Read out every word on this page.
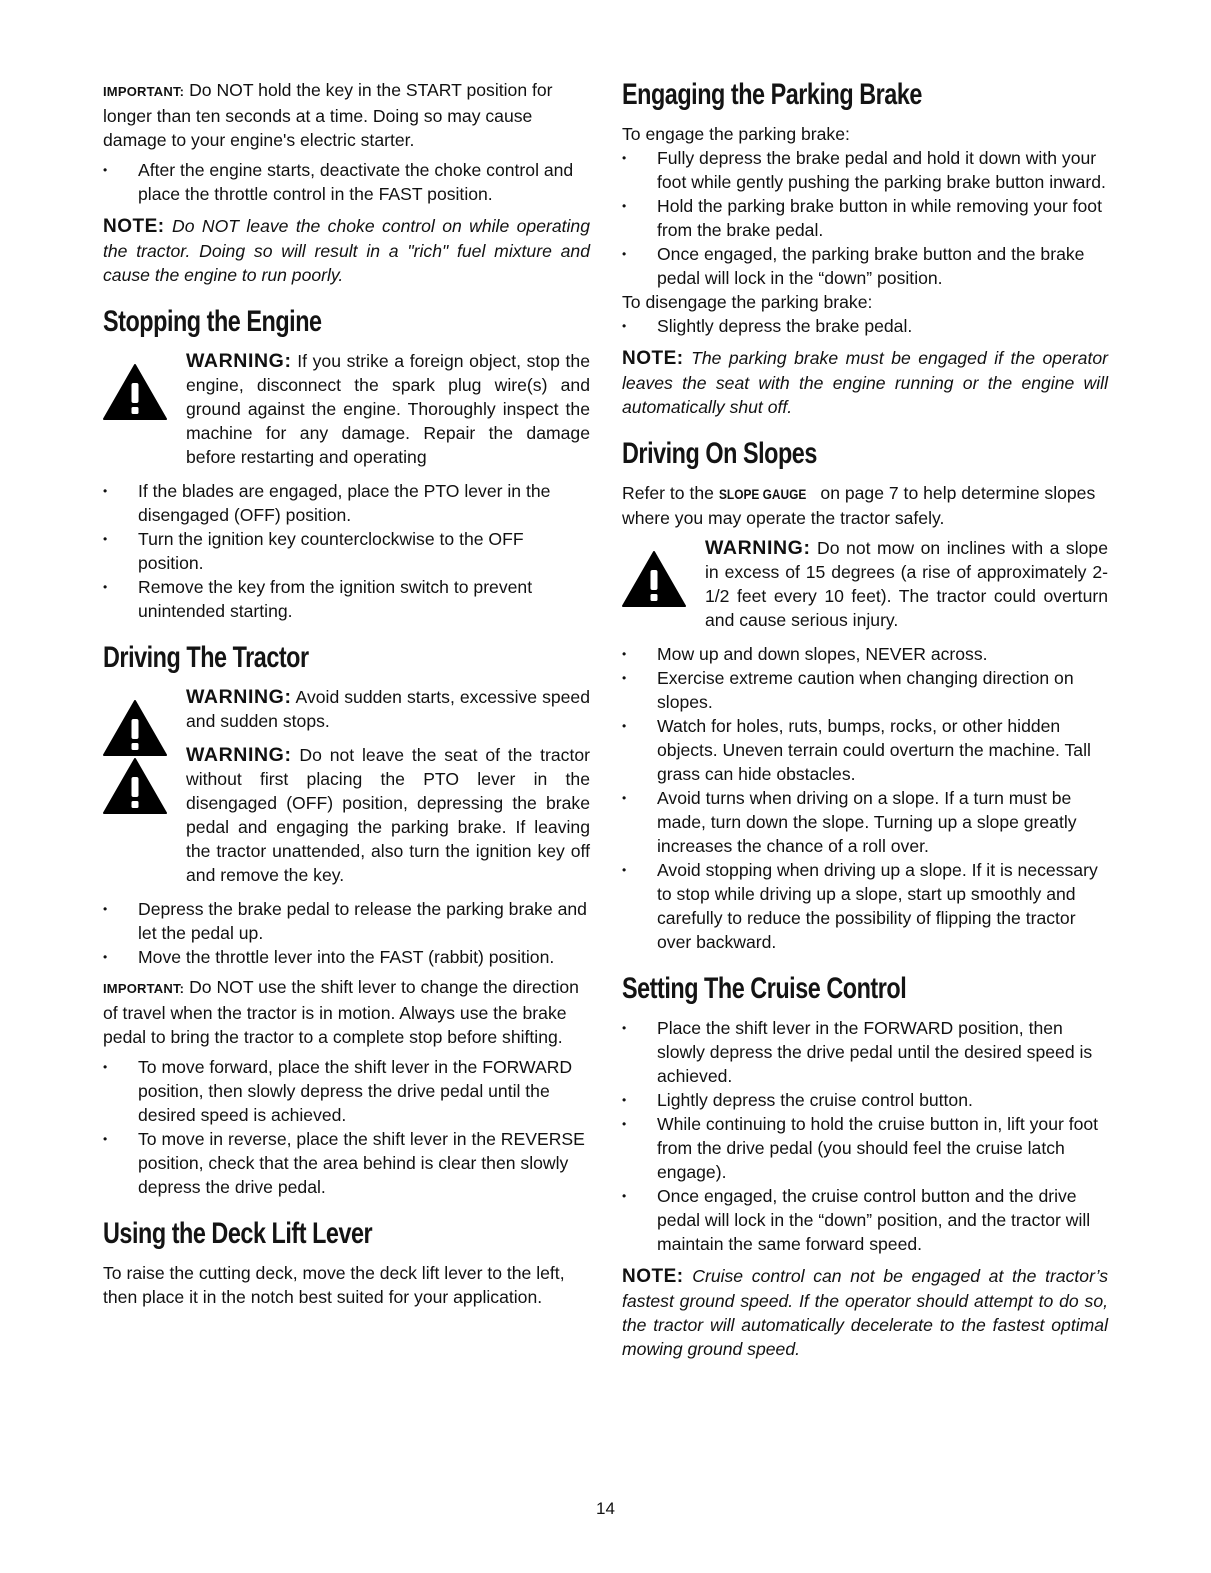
IMPORTANT: Do NOT hold the key in the START position for longer than ten seconds at a time. Doing so may cause damage to your engine's electric starter.

•	After the engine starts, deactivate the choke control and place the throttle control in the FAST position.

NOTE: Do NOT leave the choke control on while operating the tractor. Doing so will result in a "rich" fuel mixture and cause the engine to run poorly.

Stopping the Engine
WARNING: If you strike a foreign object, stop the engine, disconnect the spark plug wire(s) and ground against the engine. Thoroughly inspect the machine for any damage. Repair the damage before restarting and operating
•	If the blades are engaged, place the PTO lever in the disengaged (OFF) position.
•	Turn the ignition key counterclockwise to the OFF position.
•	Remove the key from the ignition switch to prevent unintended starting.
Driving The Tractor
WARNING: Avoid sudden starts, excessive speed and sudden stops.
WARNING: Do not leave the seat of the tractor without first placing the PTO lever in the disengaged (OFF) position, depressing the brake pedal and engaging the parking brake. If leaving the tractor unattended, also turn the ignition key off and remove the key.
•	Depress the brake pedal to release the parking brake and let the pedal up.
•	Move the throttle lever into the FAST (rabbit) position.

IMPORTANT: Do NOT use the shift lever to change the direction of travel when the tractor is in motion. Always use the brake pedal to bring the tractor to a complete stop before shifting.

•	To move forward, place the shift lever in the FORWARD position, then slowly depress the drive pedal until the desired speed is achieved.
•	To move in reverse, place the shift lever in the REVERSE position, check that the area behind is clear then slowly depress the drive pedal.
Using the Deck Lift Lever

To raise the cutting deck, move the deck lift lever to the left, then place it in the notch best suited for your application.

Engaging the Parking Brake

To engage the parking brake:

•	Fully depress the brake pedal and hold it down with your foot while gently pushing the parking brake button inward.
•	Hold the parking brake button in while removing your foot from the brake pedal.
•	Once engaged, the parking brake button and the brake pedal will lock in the “down” position.

To disengage the parking brake:

•	Slightly depress the brake pedal.

NOTE: The parking brake must be engaged if the operator leaves the seat with the engine running or the engine will automatically shut off.

Driving On Slopes

Refer to the SLOPE GAUGE on page 7 to help determine slopes where you may operate the tractor safely.

WARNING: Do not mow on inclines with a slope in excess of 15 degrees (a rise of approximately 2-1/2 feet every 10 feet). The tractor could overturn and cause serious injury.
•	Mow up and down slopes, NEVER across.
•	Exercise extreme caution when changing direction on slopes.
•	Watch for holes, ruts, bumps, rocks, or other hidden objects. Uneven terrain could overturn the machine. Tall grass can hide obstacles.
•	Avoid turns when driving on a slope. If a turn must be made, turn down the slope. Turning up a slope greatly increases the chance of a roll over.
•	Avoid stopping when driving up a slope. If it is necessary to stop while driving up a slope, start up smoothly and carefully to reduce the possibility of flipping the tractor over backward.
Setting The Cruise Control
•	Place the shift lever in the FORWARD position, then slowly depress the drive pedal until the desired speed is achieved.
•	Lightly depress the cruise control button.
•	While continuing to hold the cruise button in, lift your foot from the drive pedal (you should feel the cruise latch engage).
•	Once engaged, the cruise control button and the drive pedal will lock in the “down” position, and the tractor will maintain the same forward speed.

NOTE: Cruise control can not be engaged at the tractor’s fastest ground speed. If the operator should attempt to do so, the tractor will automatically decelerate to the fastest optimal mowing ground speed.

14
